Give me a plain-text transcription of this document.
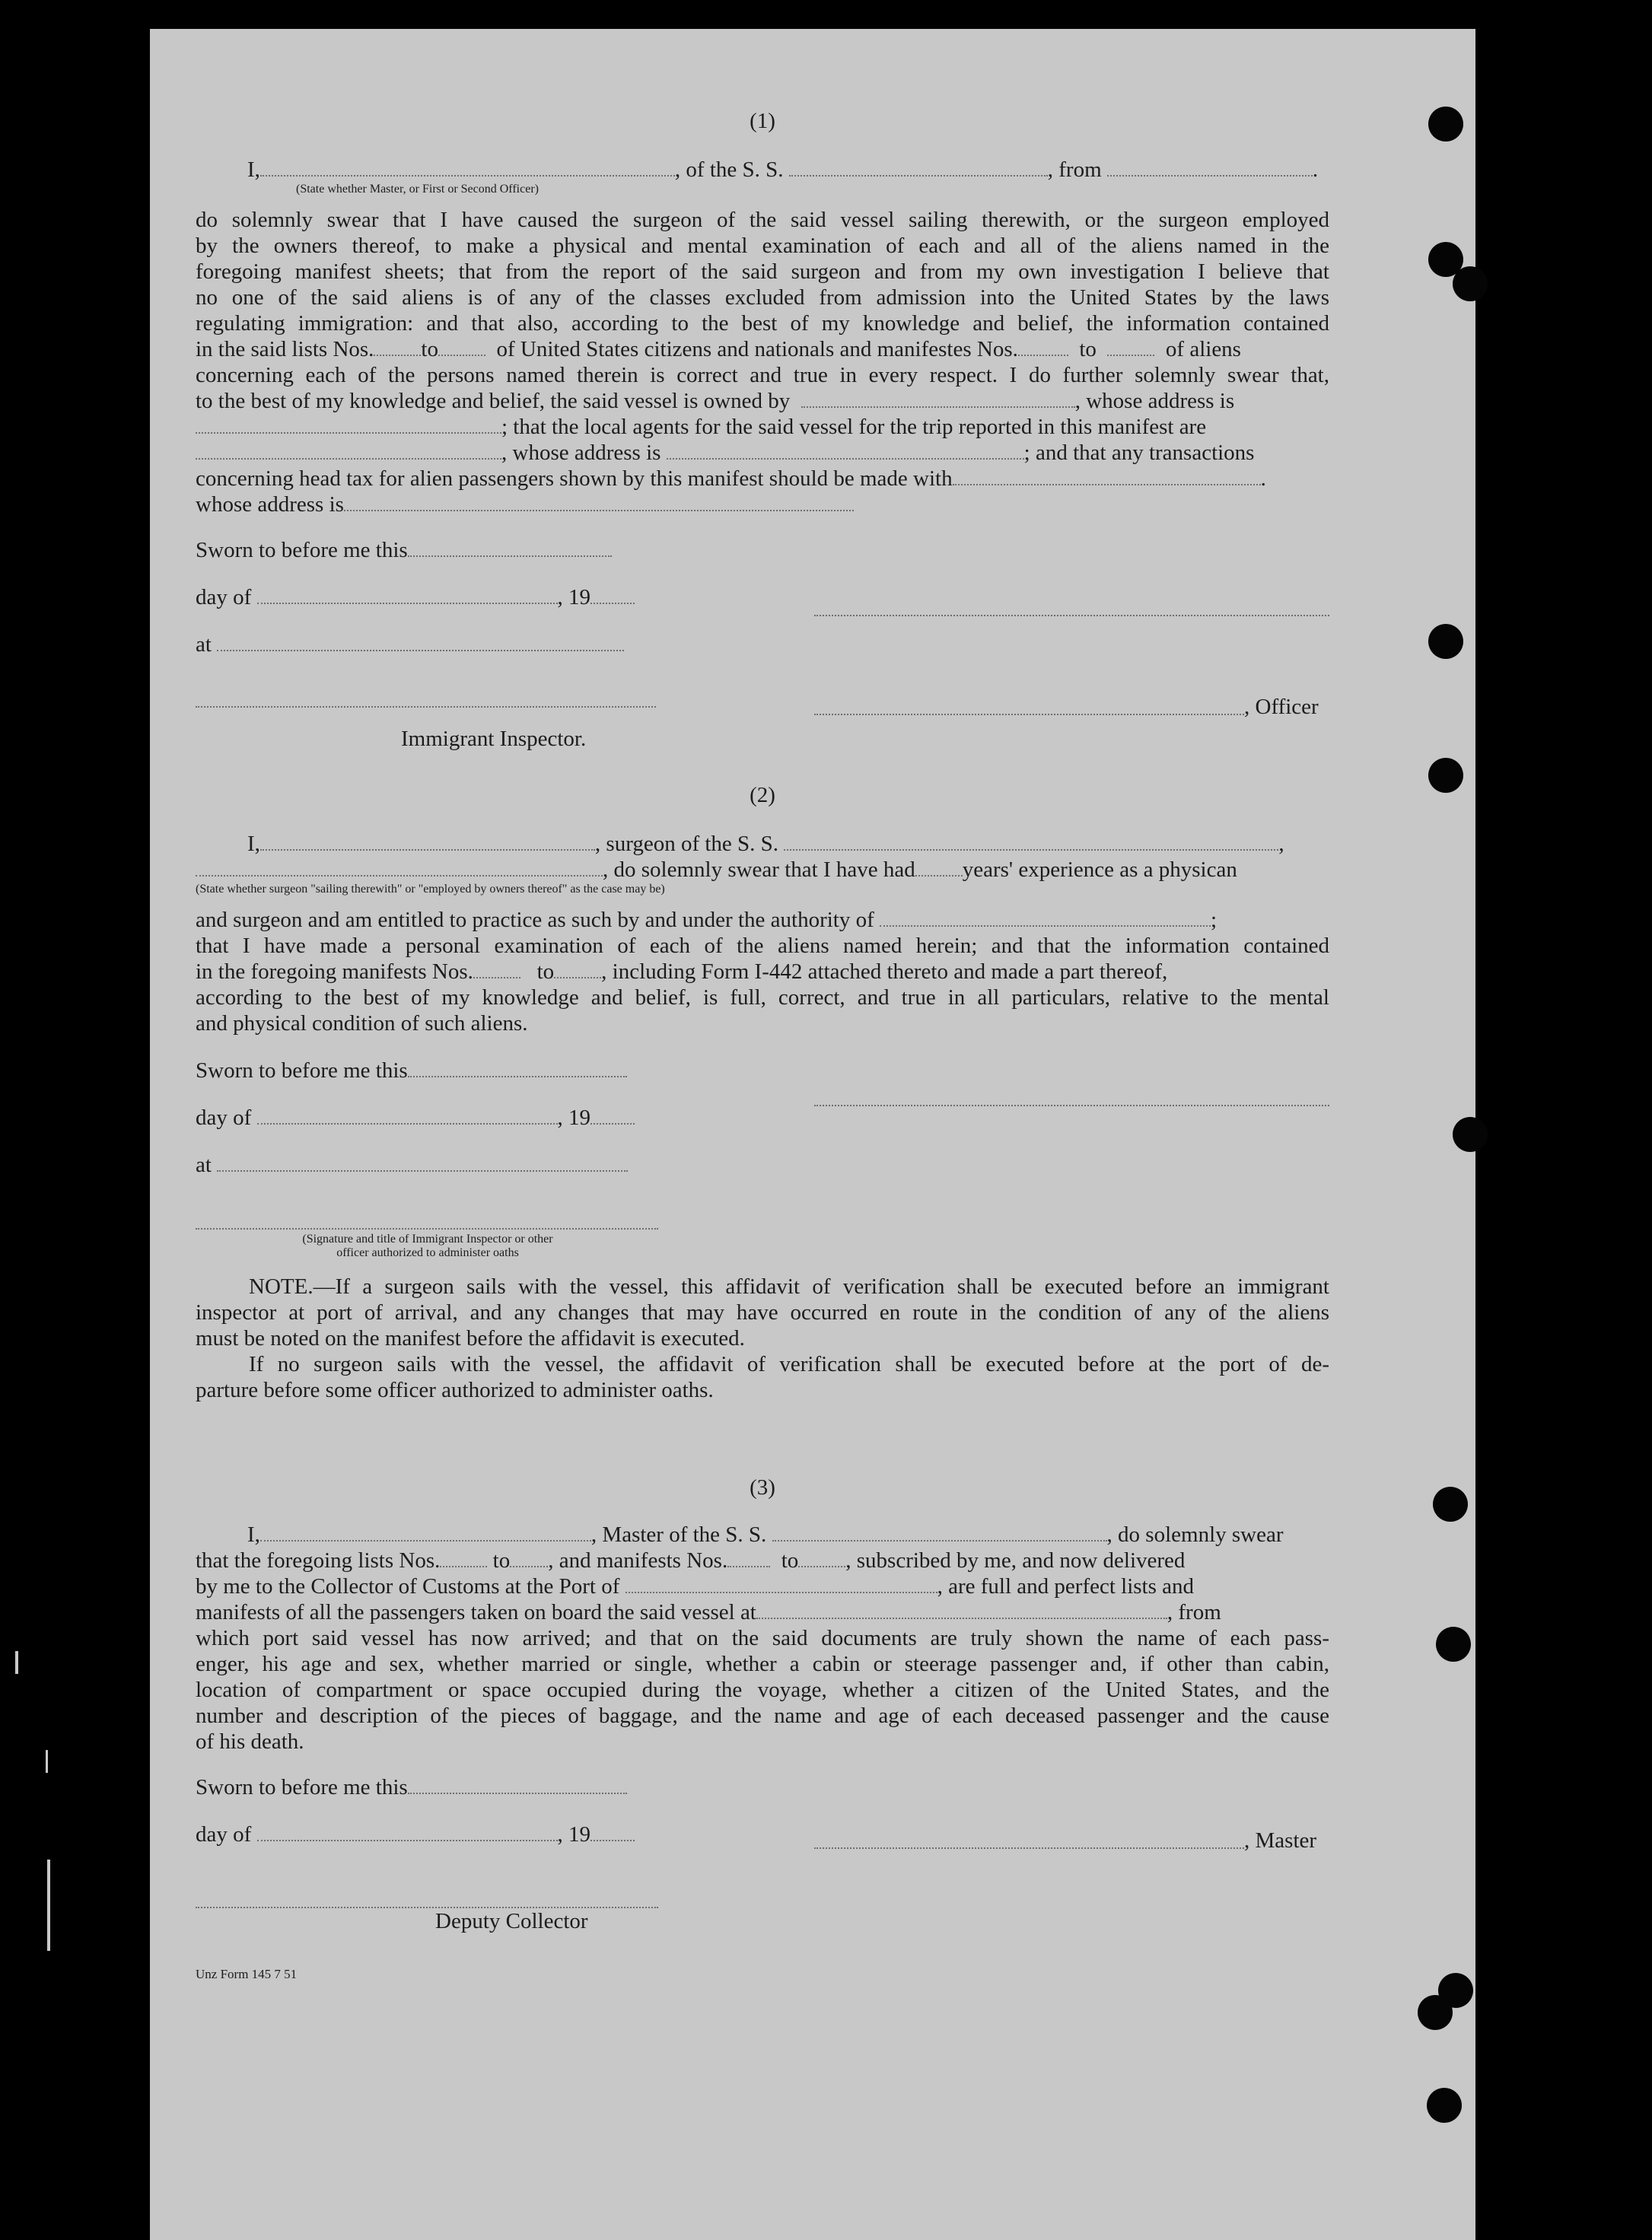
(1)
I,	, of the S. S.	, from	.
(State whether Master, or First or Second Officer)
do solemnly swear that I have caused the surgeon of the said vessel sailing therewith, or the surgeon employed
by the owners thereof, to make a physical and mental examination of each and all of the aliens named in the
foregoing manifest sheets; that from the report of the said surgeon and from my own investigation I believe that
no one of the said aliens is of any of the classes excluded from admission into the United States by the laws
regulating immigration: and that also, according to the best of my knowledge and belief, the information contained
in the said lists Nos. to	of United States citizens and nationals and manifestes Nos.	to	of aliens
concerning each of the persons named therein is correct and true in every respect. I do further solemnly swear that,
to the best of my knowledge and belief, the said vessel is owned by	, whose address is
; that the local agents for the said vessel for the trip reported in this manifest are
, whose address is	; and that any transactions
concerning head tax for alien passengers shown by this manifest should be made with	.
whose address is
Sworn to before me this
day of	, 19
at
, Officer
Immigrant Inspector.
(2)
I,	, surgeon of the S. S.	,
, do solemnly swear that I have had years' experience as a physican
(State whether surgeon "sailing therewith" or "employed by owners thereof" as the case may be)
and surgeon and am entitled to practice as such by and under the authority of	;
that I have made a personal examination of each of the aliens named herein; and that the information contained
in the foregoing manifests Nos.	to , including Form I-442 attached thereto and made a part thereof,
according to the best of my knowledge and belief, is full, correct, and true in all particulars, relative to the mental
and physical condition of such aliens.
Sworn to before me this
day of	, 19
at
(Signature and title of Immigrant Inspector or other
officer authorized to administer oaths
NOTE.—If a surgeon sails with the vessel, this affidavit of verification shall be executed before an immigrant
inspector at port of arrival, and any changes that may have occurred en route in the condition of any of the aliens
must be noted on the manifest before the affidavit is executed.
If no surgeon sails with the vessel, the affidavit of verification shall be executed before at the port of de-
parture before some officer authorized to administer oaths.
(3)
I,	, Master of the S. S.	, do solemnly swear
that the foregoing lists Nos. to , and manifests Nos. to , subscribed by me, and now delivered
by me to the Collector of Customs at the Port of	, are full and perfect lists and
manifests of all the passengers taken on board the said vessel at	, from
which port said vessel has now arrived; and that on the said documents are truly shown the name of each pass-
enger, his age and sex, whether married or single, whether a cabin or steerage passenger and, if other than cabin,
location of compartment or space occupied during the voyage, whether a citizen of the United States, and the
number and description of the pieces of baggage, and the name and age of each deceased passenger and the cause
of his death.
Sworn to before me this
day of	, 19	, Master
Deputy Collector
Unz Form 145 7 51
